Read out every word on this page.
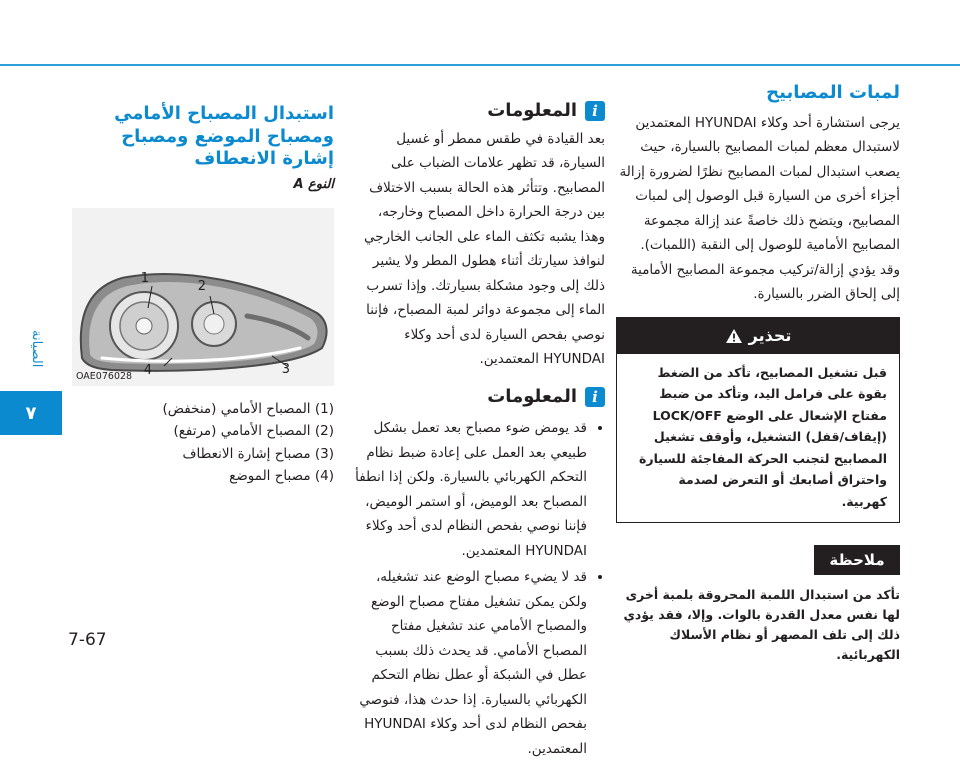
الصيانة
٧
7-67
لمبات المصابيح

يرجى استشارة أحد وكلاء HYUNDAI المعتمدين لاستبدال معظم لمبات المصابيح بالسيارة، حيث يصعب استبدال لمبات المصابيح نظرًا لضرورة إزالة أجزاء أخرى من السيارة قبل الوصول إلى لمبات المصابيح، ويتضح ذلك خاصةً عند إزالة مجموعة المصابيح الأمامية للوصول إلى النقبة (اللمبات). وقد يؤدي إزالة/تركيب مجموعة المصابيح الأمامية إلى إلحاق الضرر بالسيارة.

تحذير
قبل تشغيل المصابيح، تأكد من الضغط بقوة على فرامل اليد، وتأكد من ضبط مفتاح الإشعال على الوضع LOCK/OFF (إيقاف/قفل) التشغيل، وأوقف تشغيل المصابيح لتجنب الحركة المفاجئة للسيارة واحتراق أصابعك أو التعرض لصدمة كهربية.
ملاحظة
تأكد من استبدال اللمبة المحروقة بلمبة أخرى لها نفس معدل القدرة بالوات. وإلا، فقد يؤدي ذلك إلى تلف المصهر أو نظام الأسلاك الكهربائية.
i
المعلومات

بعد القيادة في طقس ممطر أو غسيل السيارة، قد تظهر علامات الضباب على المصابيح. وتتأثر هذه الحالة بسبب الاختلاف بين درجة الحرارة داخل المصباح وخارجه، وهذا يشبه تكثف الماء على الجانب الخارجي لنوافذ سيارتك أثناء هطول المطر ولا يشير ذلك إلى وجود مشكلة بسيارتك. وإذا تسرب الماء إلى مجموعة دوائر لمبة المصباح، فإننا نوصي بفحص السيارة لدى أحد وكلاء HYUNDAI المعتمدين.

i
المعلومات
• قد يومض ضوء مصباح بعد تعمل بشكل طبيعي بعد العمل على إعادة ضبط نظام التحكم الكهربائي بالسيارة. ولكن إذا انطفأ المصباح بعد الوميض، أو استمر الوميض، فإننا نوصي بفحص النظام لدى أحد وكلاء HYUNDAI المعتمدين.
• قد لا يضيء مصباح الوضع عند تشغيله، ولكن يمكن تشغيل مفتاح مصباح الوضع والمصباح الأمامي عند تشغيل مفتاح المصباح الأمامي. قد يحدث ذلك بسبب عطل في الشبكة أو عطل نظام التحكم الكهربائي بالسيارة. إذا حدث هذا، فنوصي بفحص النظام لدى أحد وكلاء HYUNDAI المعتمدين.
استبدال المصباح الأمامي ومصباح الموضع ومصباح إشارة الانعطاف
النوع A
1
2
3
4
OAE076028
(1) المصباح الأمامي (منخفض)
(2) المصباح الأمامي (مرتفع)
(3) مصباح إشارة الانعطاف
(4) مصباح الموضع
